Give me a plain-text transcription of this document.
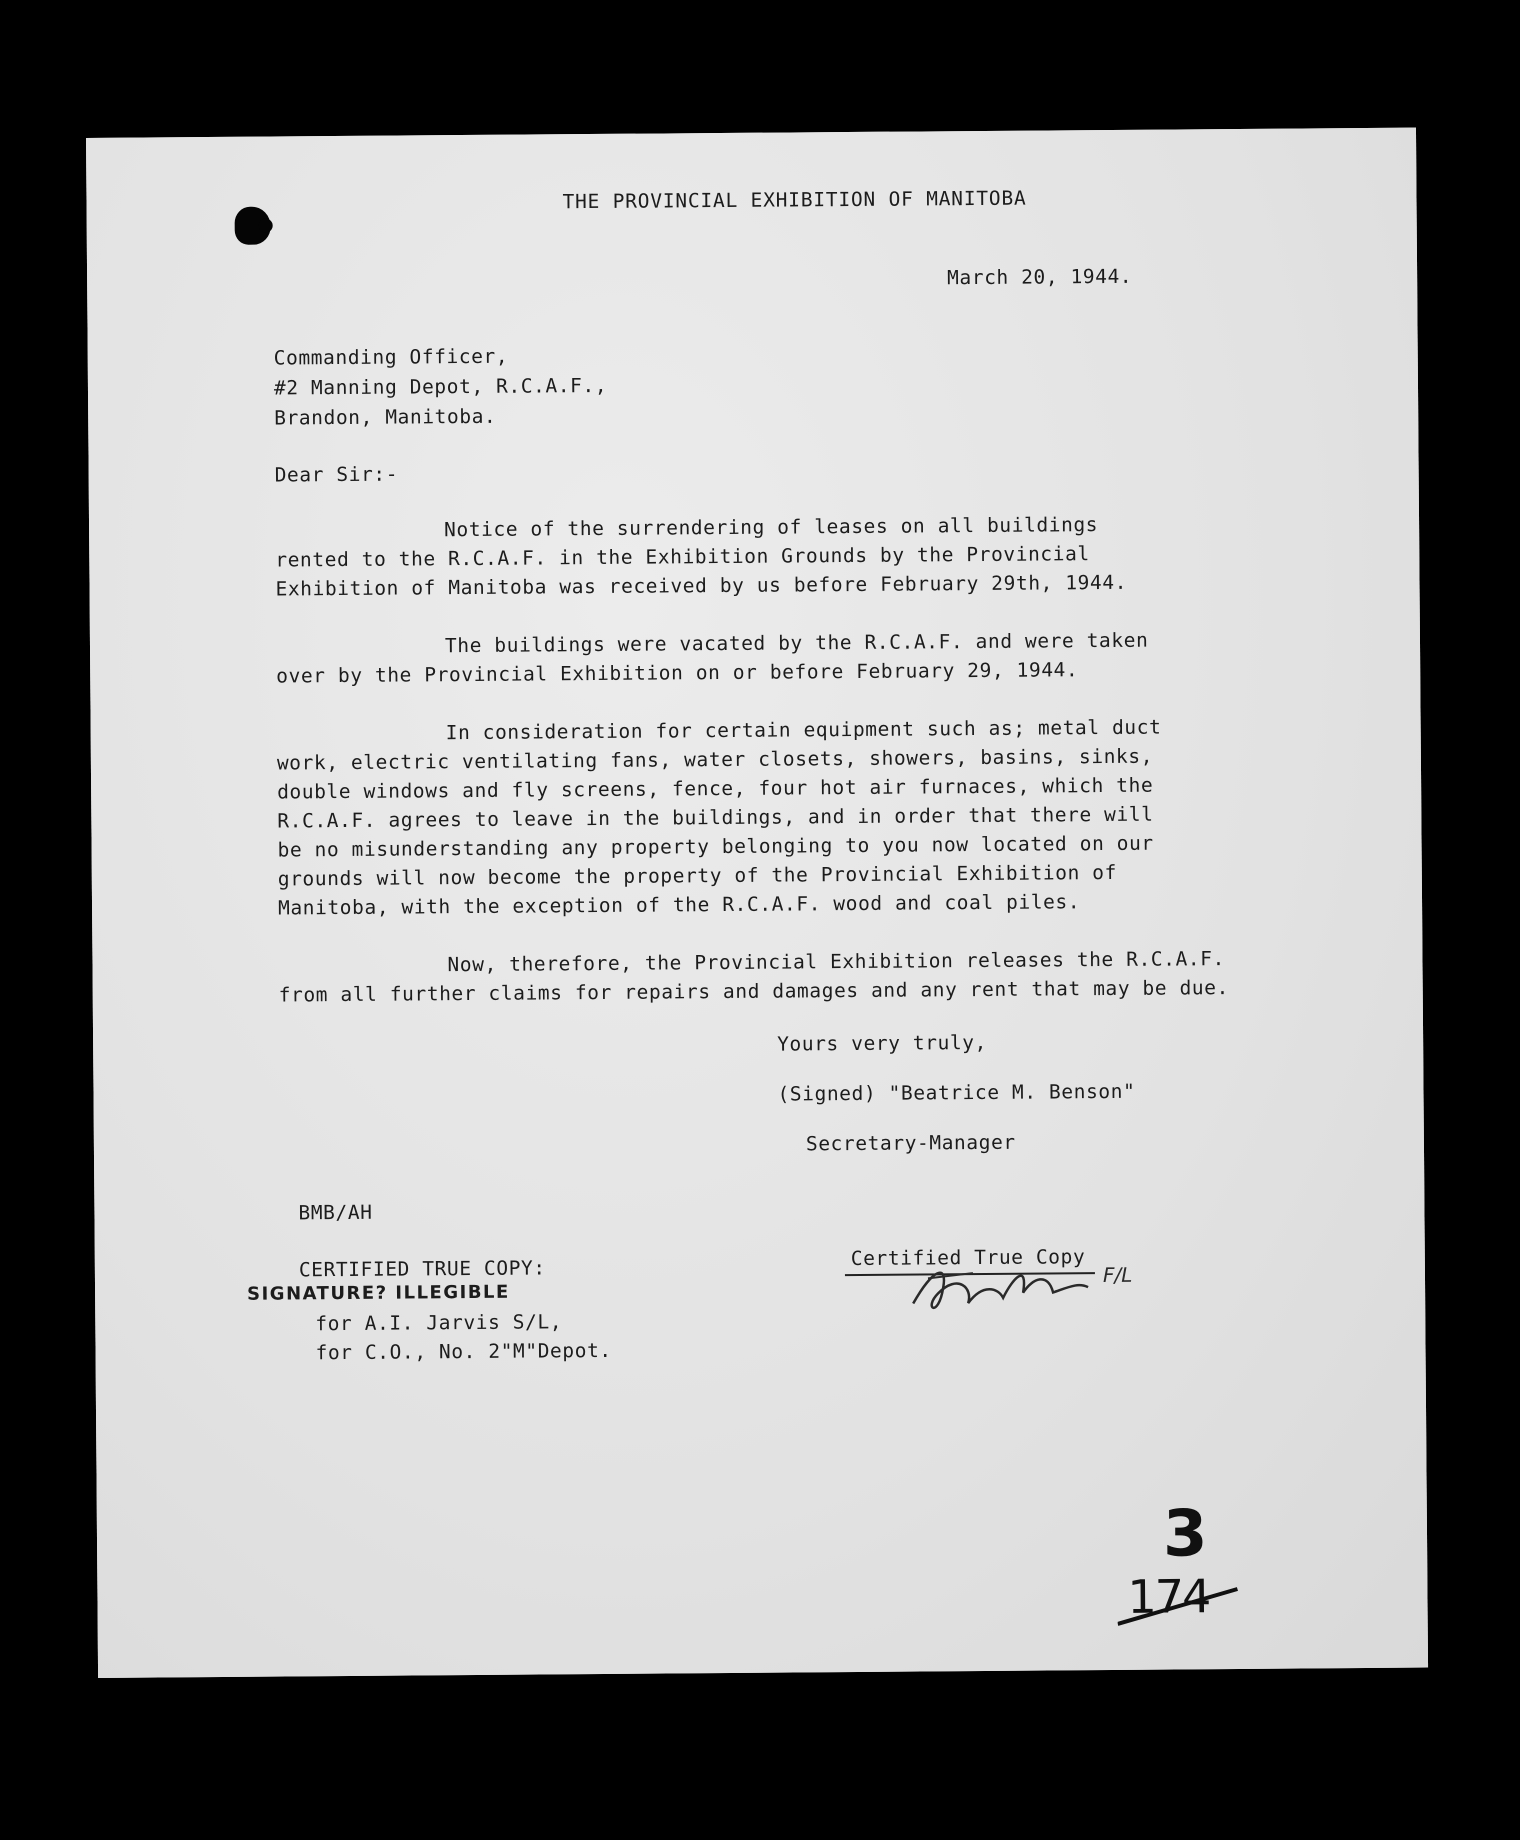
THE PROVINCIAL EXHIBITION OF MANITOBA
March 20, 1944.
Commanding Officer,
#2 Manning Depot, R.C.A.F.,
Brandon, Manitoba.
Dear Sir:-
Notice of the surrendering of leases on all buildings
rented to the R.C.A.F. in the Exhibition Grounds by the Provincial
Exhibition of Manitoba was received by us before February 29th, 1944.
The buildings were vacated by the R.C.A.F. and were taken
over by the Provincial Exhibition on or before February 29, 1944.
In consideration for certain equipment such as; metal duct
work, electric ventilating fans, water closets, showers, basins, sinks,
double windows and fly screens, fence, four hot air furnaces, which the
R.C.A.F. agrees to leave in the buildings, and in order that there will
be no misunderstanding any property belonging to you now located on our
grounds will now become the property of the Provincial Exhibition of
Manitoba, with the exception of the R.C.A.F. wood and coal piles.
Now, therefore, the Provincial Exhibition releases the R.C.A.F.
from all further claims for repairs and damages and any rent that may be due.
Yours very truly,
(Signed) "Beatrice M. Benson"
Secretary-Manager
BMB/AH
CERTIFIED TRUE COPY:
SIGNATURE? ILLEGIBLE
for A.I. Jarvis S/L,
for C.O., No. 2"M"Depot.
Certified True Copy
F/L
3
174
